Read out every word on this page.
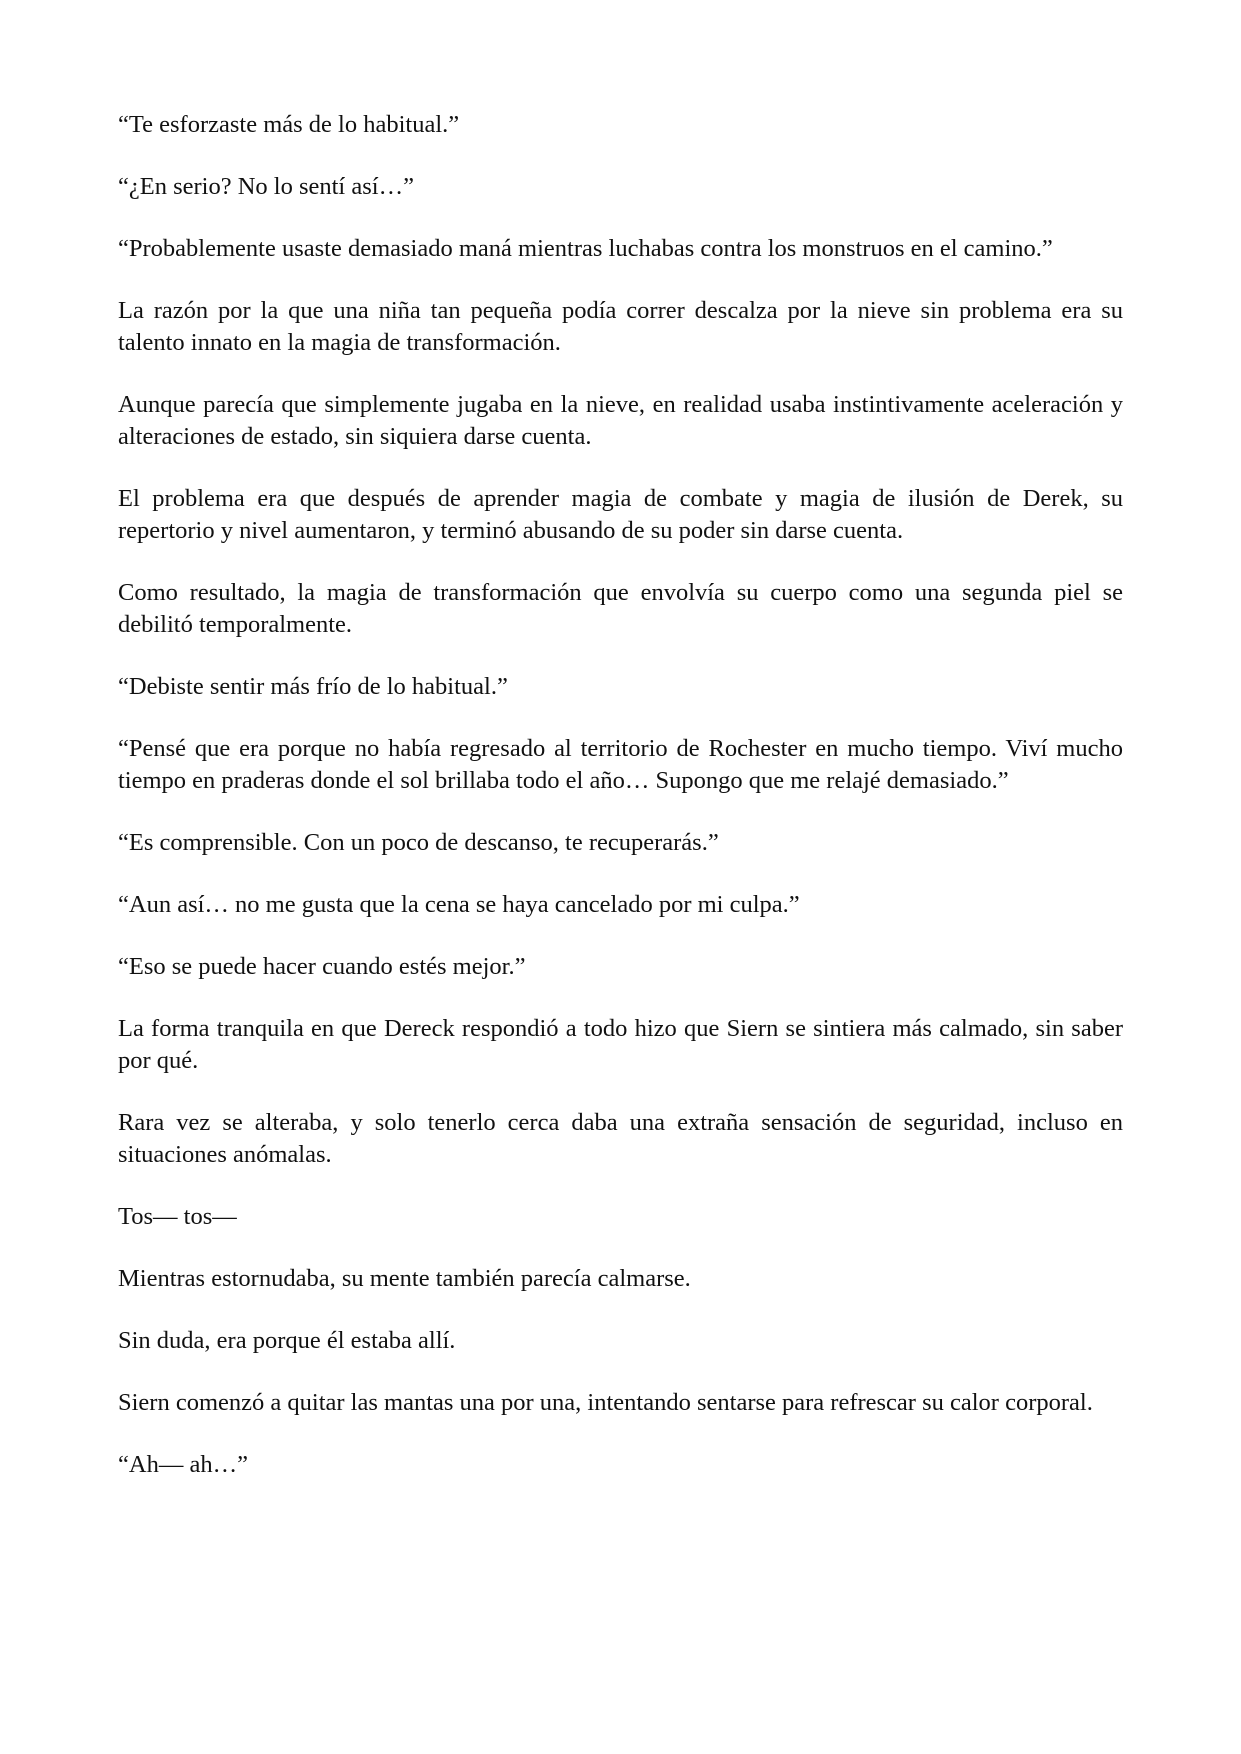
“Te esforzaste más de lo habitual.”

“¿En serio? No lo sentí así…”

“Probablemente usaste demasiado maná mientras luchabas contra los monstruos en el camino.”

La razón por la que una niña tan pequeña podía correr descalza por la nieve sin problema era su talento innato en la magia de transformación.

Aunque parecía que simplemente jugaba en la nieve, en realidad usaba instintivamente aceleración y alteraciones de estado, sin siquiera darse cuenta.

El problema era que después de aprender magia de combate y magia de ilusión de Derek, su repertorio y nivel aumentaron, y terminó abusando de su poder sin darse cuenta.

Como resultado, la magia de transformación que envolvía su cuerpo como una segunda piel se debilitó temporalmente.

“Debiste sentir más frío de lo habitual.”

“Pensé que era porque no había regresado al territorio de Rochester en mucho tiempo. Viví mucho tiempo en praderas donde el sol brillaba todo el año… Supongo que me relajé demasiado.”

“Es comprensible. Con un poco de descanso, te recuperarás.”

“Aun así… no me gusta que la cena se haya cancelado por mi culpa.”

“Eso se puede hacer cuando estés mejor.”

La forma tranquila en que Dereck respondió a todo hizo que Siern se sintiera más calmado, sin saber por qué.

Rara vez se alteraba, y solo tenerlo cerca daba una extraña sensación de seguridad, incluso en situaciones anómalas.

Tos— tos—

Mientras estornudaba, su mente también parecía calmarse.

Sin duda, era porque él estaba allí.

Siern comenzó a quitar las mantas una por una, intentando sentarse para refrescar su calor corporal.

“Ah— ah…”
